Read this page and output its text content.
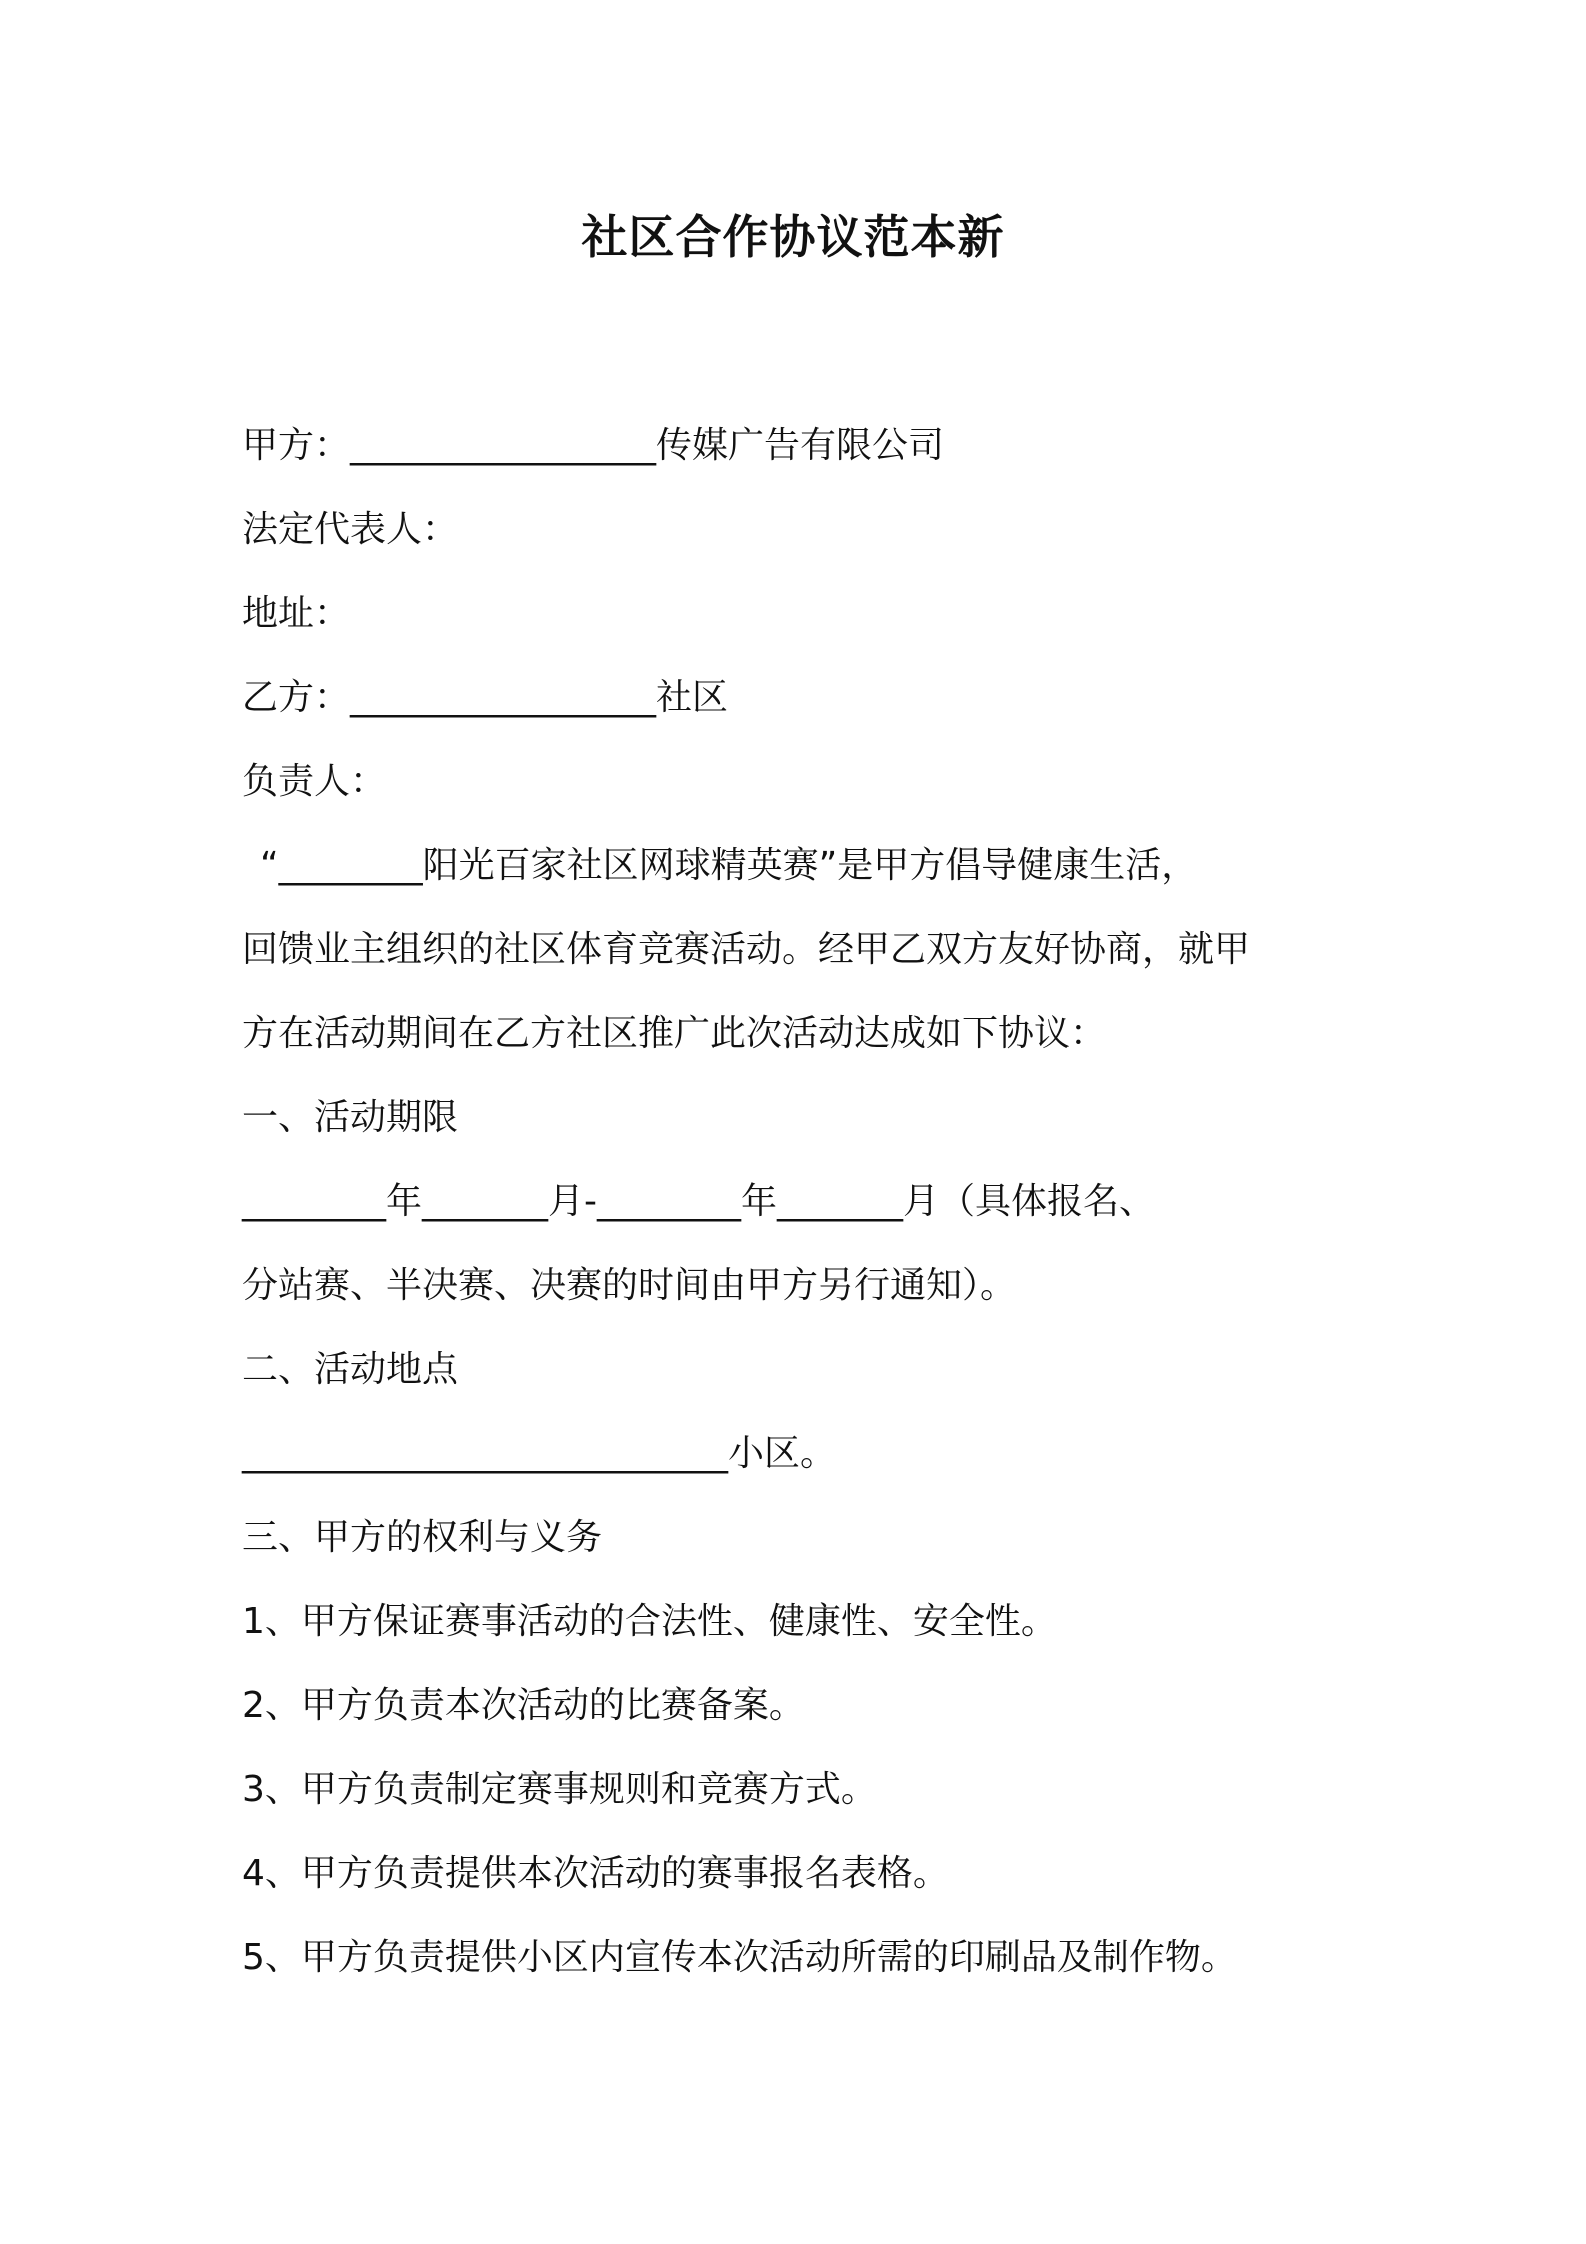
社区合作协议范本新

甲方：_________________传媒广告有限公司

法定代表人：

地址：

乙方：_________________社区

负责人：

“________阳光百家社区网球精英赛”是甲方倡导健康生活，

回馈业主组织的社区体育竞赛活动。经甲乙双方友好协商，就甲

方在活动期间在乙方社区推广此次活动达成如下协议：

一、活动期限

________年_______月-________年_______月（具体报名、

分站赛、半决赛、决赛的时间由甲方另行通知）。

二、活动地点

___________________________小区。

三、甲方的权利与义务

1、甲方保证赛事活动的合法性、健康性、安全性。

2、甲方负责本次活动的比赛备案。

3、甲方负责制定赛事规则和竞赛方式。

4、甲方负责提供本次活动的赛事报名表格。

5、甲方负责提供小区内宣传本次活动所需的印刷品及制作物。
